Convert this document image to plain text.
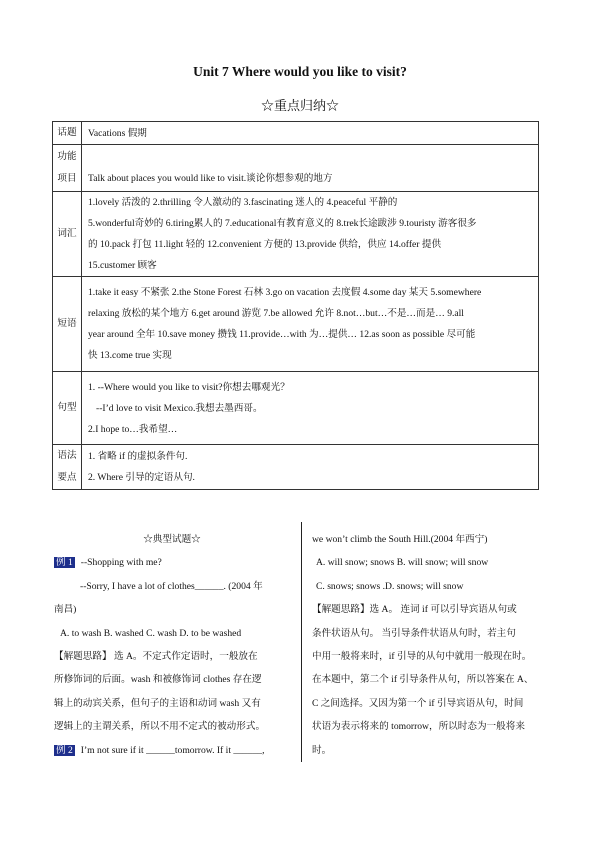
Unit 7 Where would you like to visit?
☆重点归纳☆
话题	Vacations 假期

功能
项目	Talk about places you would like to visit.谈论你想参观的地方
词汇	1.lovely 活泼的 2.thrilling 令人激动的 3.fascinating 迷人的 4.peaceful 平静的
5.wonderful奇妙的 6.tiring累人的 7.educational有教育意义的 8.trek长途跋涉 9.touristy 游客很多
的 10.pack 打包 11.light 轻的 12.convenient 方便的 13.provide 供给，供应 14.offer 提供
15.customer 顾客

短语	1.take it easy 不紧张 2.the Stone Forest 石林 3.go on vacation 去度假 4.some day 某天 5.somewhere
relaxing 放松的某个地方 6.get around 游览 7.be allowed 允许 8.not…but…不是…而是… 9.all
year around 全年 10.save money 攒钱 11.provide…with 为…提供… 12.as soon as possible 尽可能
快 13.come true 实现

句型	1. --Where would you like to visit?你想去哪观光？
--I’d love to visit Mexico.我想去墨西哥。
2.I hope to…我希望…

语法
要点	1. 省略 if 的虚拟条件句.
2. Where 引导的定语从句.
☆典型试题☆
例 1 --Shopping with me?
--Sorry, I have a lot of clothes______. (2004 年
南昌)
A. to wash B. washed C. wash D. to be washed
【解题思路】 选 A。不定式作定语时，一般放在
所修饰词的后面。wash 和被修饰词 clothes 存在逻
辑上的动宾关系，但句子的主语和动词 wash 又有
逻辑上的主谓关系，所以不用不定式的被动形式。
例 2 I’m not sure if it ______tomorrow. If it ______,
we won’t climb the South Hill.(2004 年西宁)
A. will snow; snows B. will snow; will snow
C. snows; snows .D. snows; will snow
【解题思路】选 A。 连词 if 可以引导宾语从句或
条件状语从句。 当引导条件状语从句时，若主句
中用一般将来时，if 引导的从句中就用一般现在时。
在本题中，第二个 if 引导条件从句，所以答案在 A、
C 之间选择。又因为第一个 if 引导宾语从句，时间
状语为表示将来的 tomorrow，所以时态为一般将来
时。
